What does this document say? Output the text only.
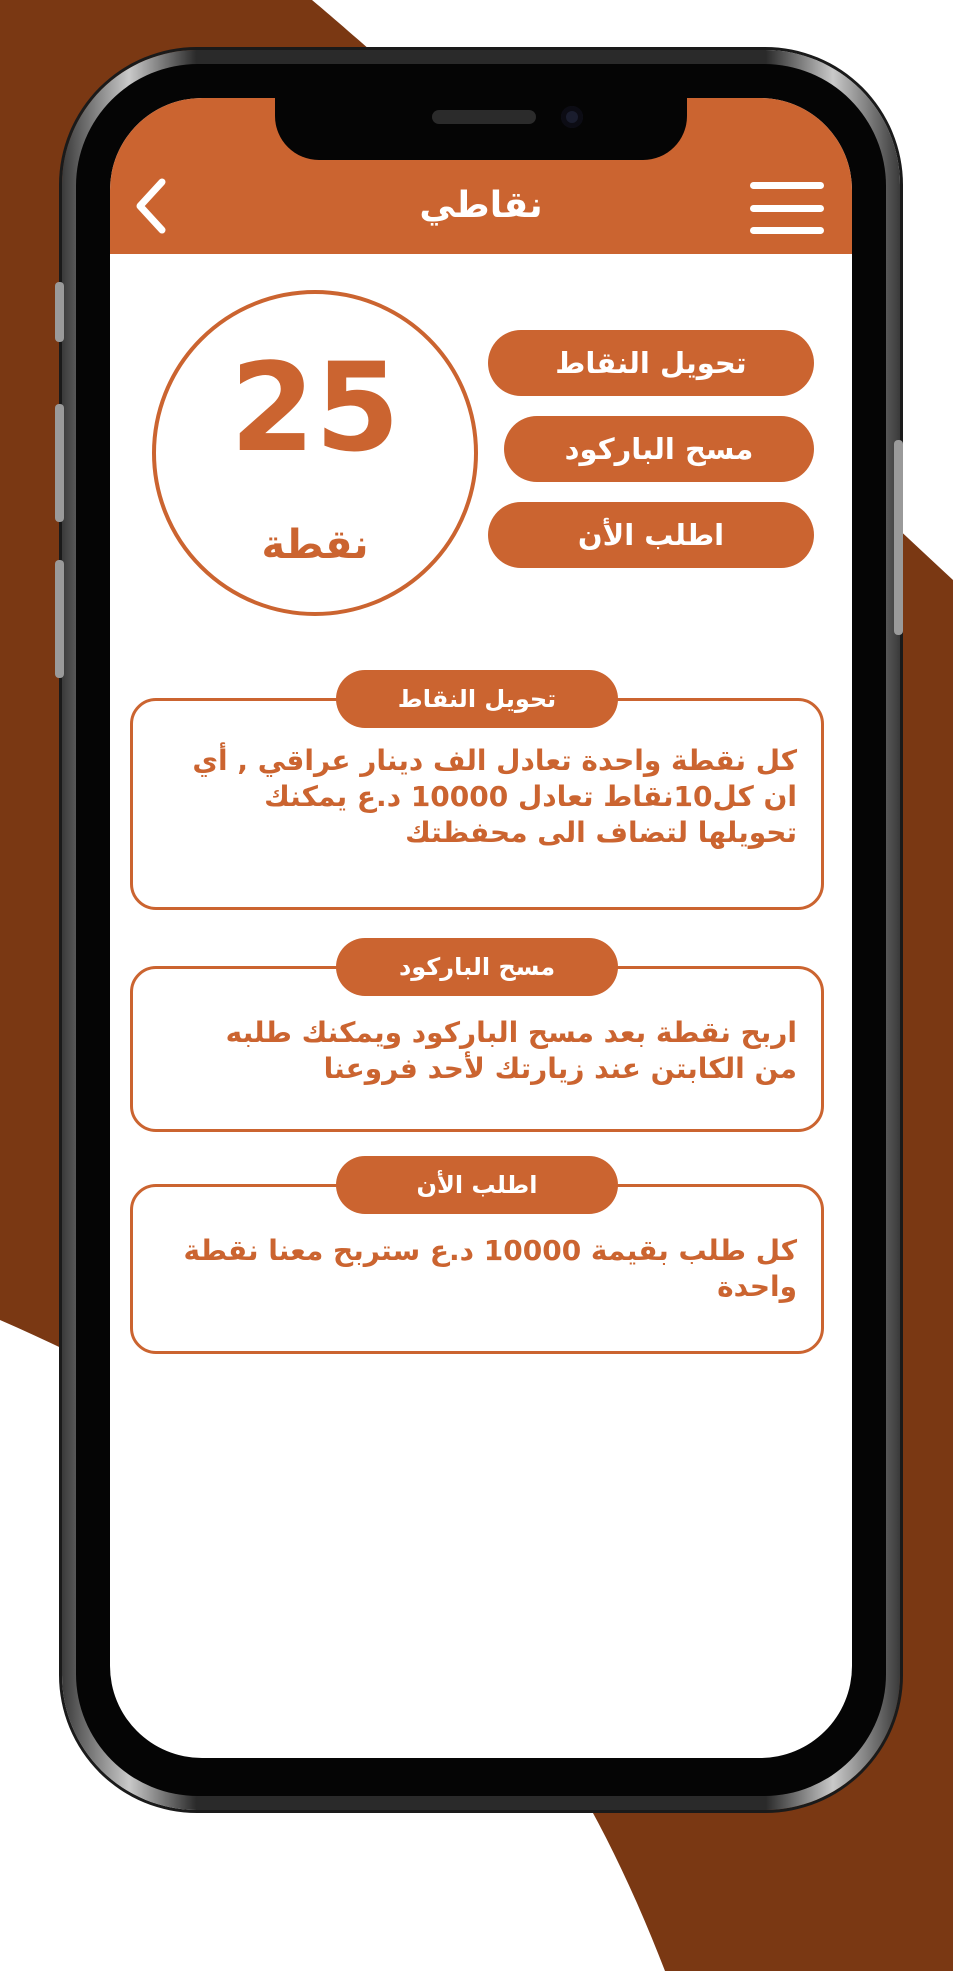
نقاطي
25
نقطة
تحويل النقاط
مسح الباركود
اطلب الأن
كل نقطة واحدة تعادل الف دينار عراقي , أي
ان كل10نقاط تعادل 10000 د.ع يمكنك
تحويلها لتضاف الى محفظتك
تحويل النقاط
اربح نقطة بعد مسح الباركود ويمكنك طلبه
من الكابتن عند زيارتك لأحد فروعنا
مسح الباركود
كل طلب بقيمة 10000 د.ع ستربح معنا نقطة
واحدة
اطلب الأن
